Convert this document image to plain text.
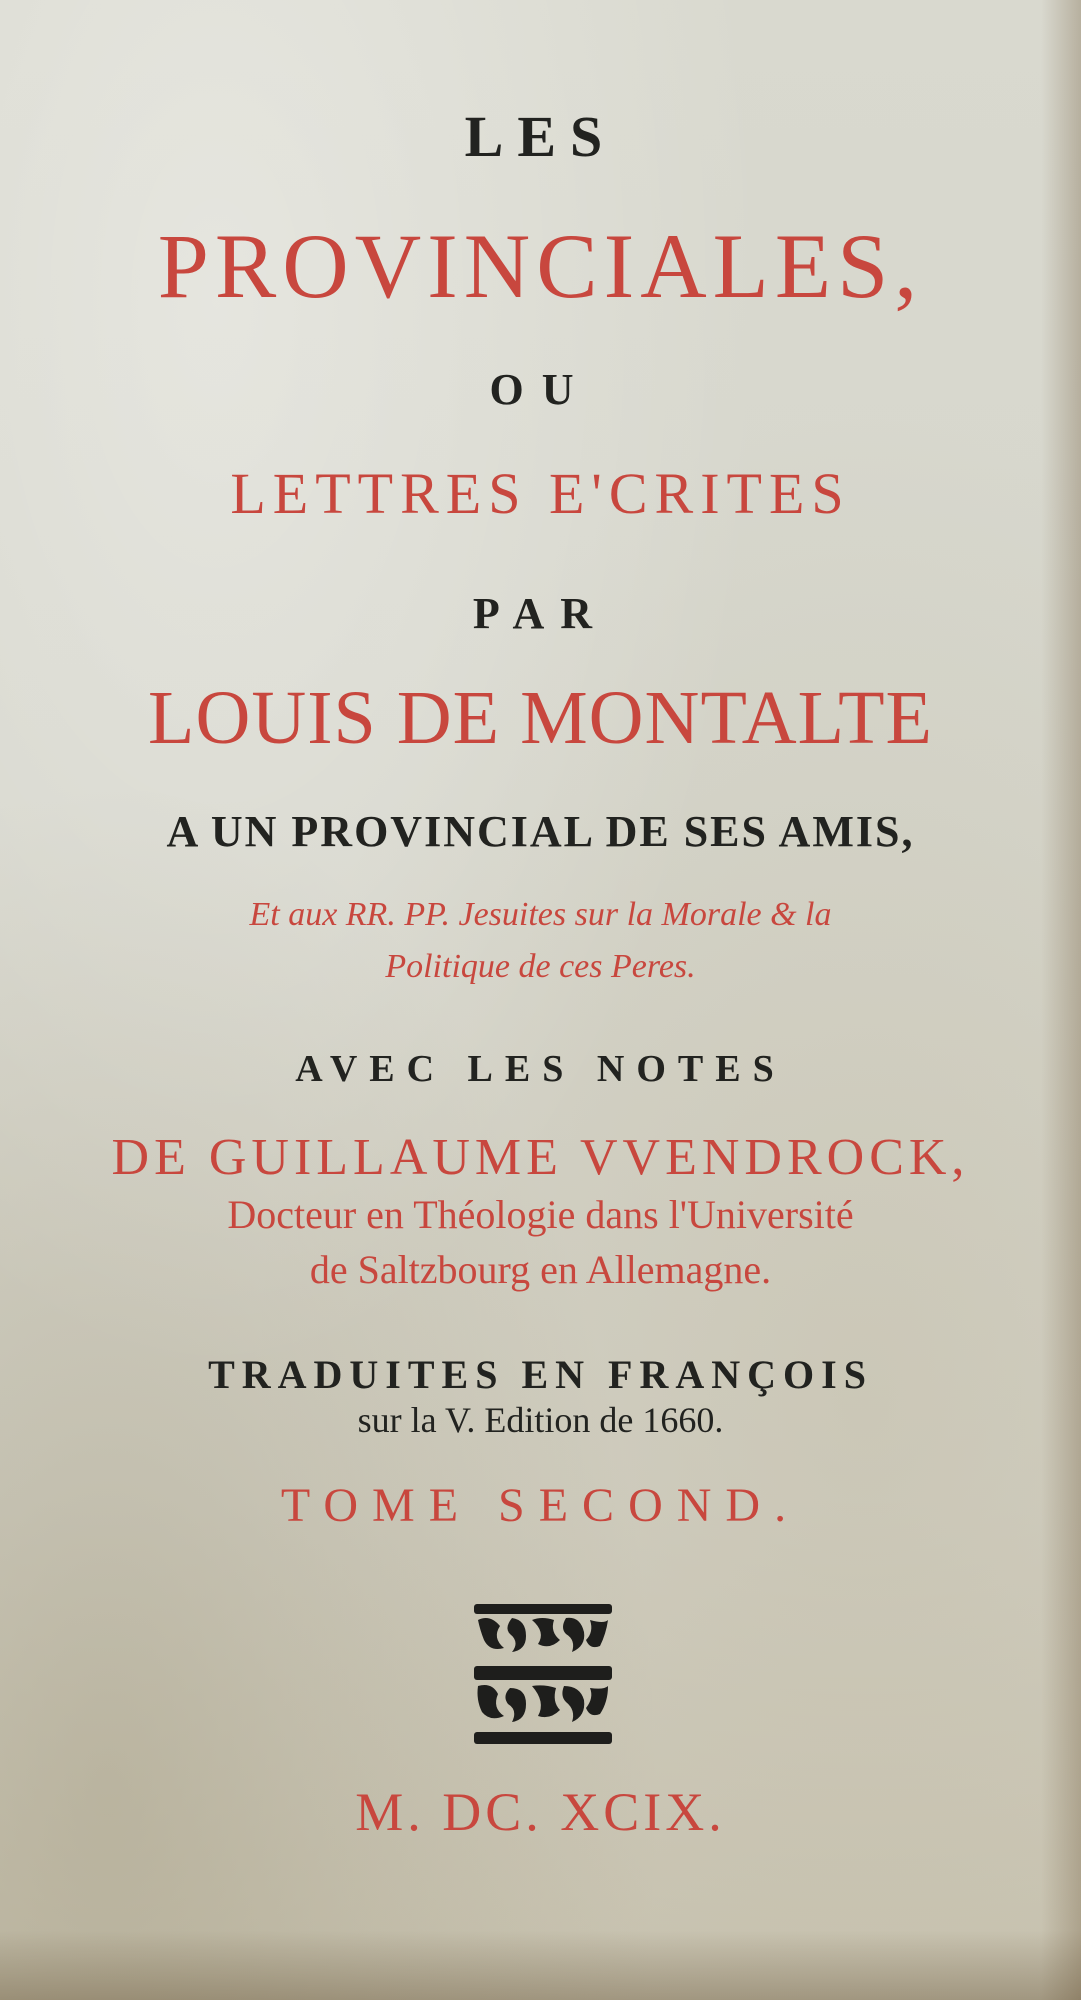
LES
PROVINCIALES,
OU
LETTRES E'CRITES
PAR
LOUIS DE MONTALTE
A UN PROVINCIAL DE SES AMIS,
Et aux RR. PP. Jesuites sur la Morale & la
Politique de ces Peres.
AVEC LES NOTES
DE GUILLAUME VVENDROCK,
Docteur en Théologie dans l'Université
de Saltzbourg en Allemagne.
TRADUITES EN FRANÇOIS
sur la V. Edition de 1660.
TOME SECOND.
M. DC. XCIX.
